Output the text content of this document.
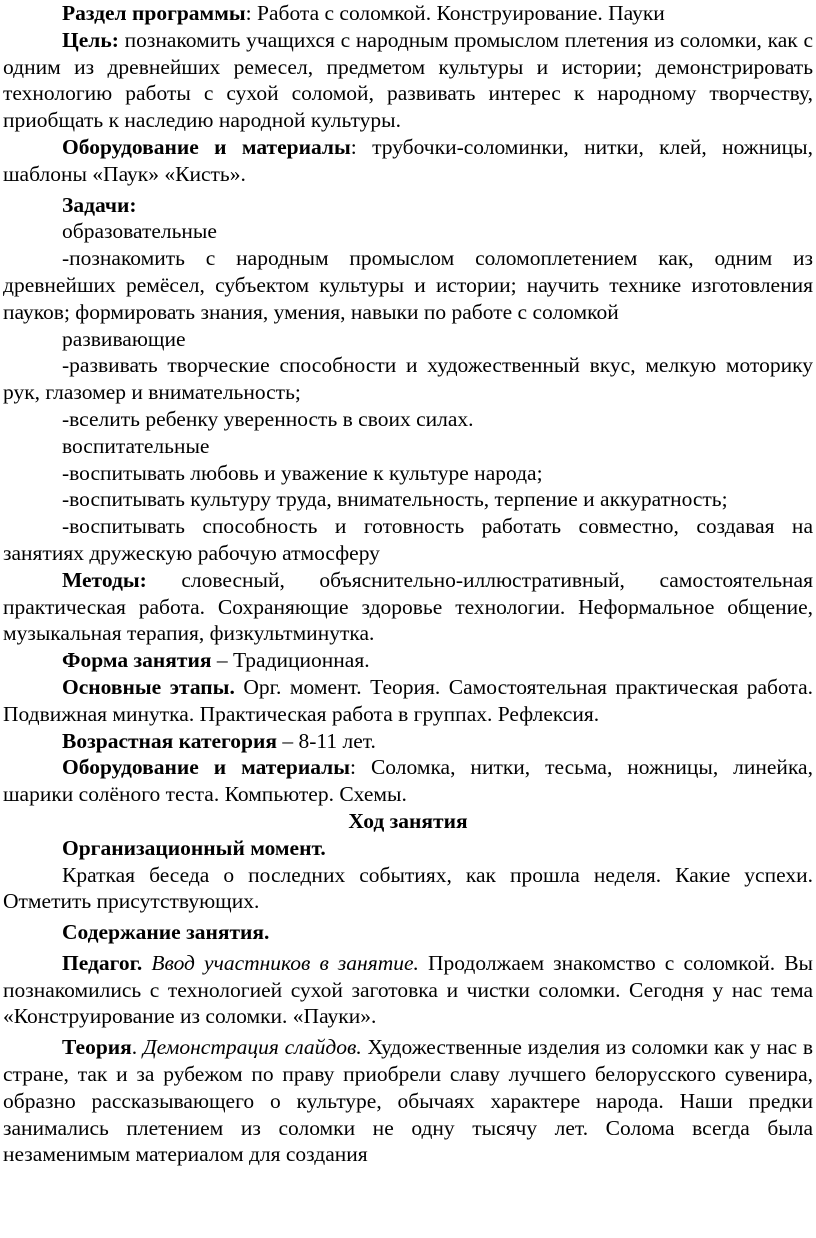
Раздел программы: Работа с соломкой. Конструирование. Пауки

Цель: познакомить учащихся с народным промыслом плетения из соломки, как с одним из древнейших ремесел, предметом культуры и истории; демонстрировать технологию работы с сухой соломой, развивать интерес к народному творчеству, приобщать к наследию народной культуры.

Оборудование и материалы: трубочки-соломинки, нитки, клей, ножницы, шаблоны «Паук» «Кисть».

Задачи:

образовательные

-познакомить с народным промыслом соломоплетением как, одним из древнейших ремёсел, субъектом культуры и истории; научить технике изготовления пауков; формировать знания, умения, навыки по работе с соломкой

развивающие

-развивать творческие способности и художественный вкус, мелкую моторику рук, глазомер и внимательность;

-вселить ребенку уверенность в своих силах.

воспитательные

-воспитывать любовь и уважение к культуре народа;

-воспитывать культуру труда, внимательность, терпение и аккуратность;

-воспитывать способность и готовность работать совместно, создавая на занятиях дружескую рабочую атмосферу

Методы: словесный, объяснительно-иллюстративный, самостоятельная практическая работа. Сохраняющие здоровье технологии. Неформальное общение, музыкальная терапия, физкультминутка.

Форма занятия – Традиционная.

Основные этапы. Орг. момент. Теория. Самостоятельная практическая работа. Подвижная минутка. Практическая работа в группах. Рефлексия.

Возрастная категория – 8-11 лет.

Оборудование и материалы: Соломка, нитки, тесьма, ножницы, линейка, шарики солёного теста. Компьютер. Схемы.

Ход занятия

Организационный момент.

Краткая беседа о последних событиях, как прошла неделя. Какие успехи. Отметить присутствующих.

Содержание занятия.

Педагог. Ввод участников в занятие. Продолжаем знакомство с соломкой. Вы познакомились с технологией сухой заготовка и чистки соломки. Сегодня у нас тема «Конструирование из соломки. «Пауки».

Теория. Демонстрация слайдов. Художественные изделия из соломки как у нас в стране, так и за рубежом по праву приобрели славу лучшего белорусского сувенира, образно рассказывающего о культуре, обычаях характере народа. Наши предки занимались плетением из соломки не одну тысячу лет. Солома всегда была незаменимым материалом для создания
